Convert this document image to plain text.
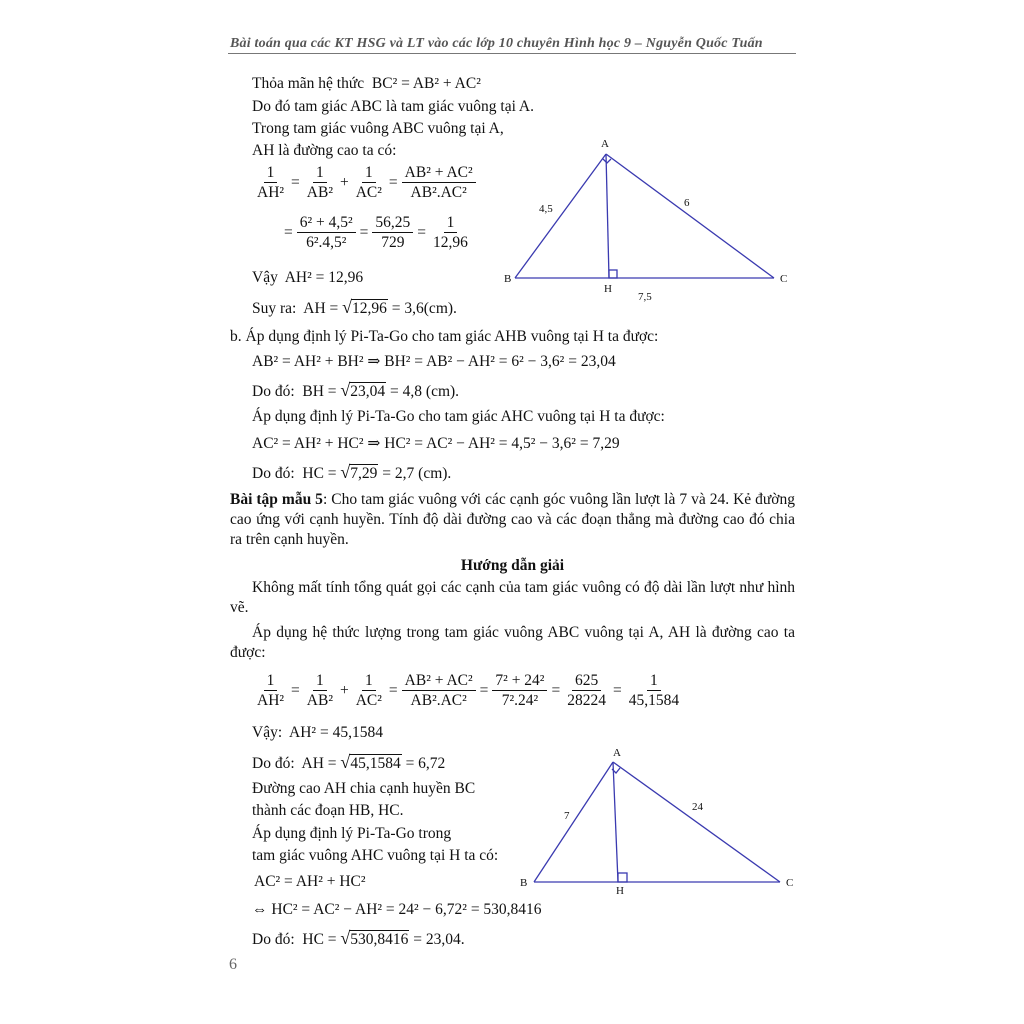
Bài toán qua các KT HSG và LT vào các lớp 10 chuyên Hình học 9 – Nguyễn Quốc Tuấn
Thỏa mãn hệ thức BC² = AB² + AC²
Do đó tam giác ABC là tam giác vuông tại A.
Trong tam giác vuông ABC vuông tại A,
AH là đường cao ta có:
$\frac{1}{\text{AH²}} = \frac{1}{\text{AB²}} + \frac{1}{\text{AC²}} = \frac{\text{AB² + AC²}}{\text{AB².AC²}}$
= $\frac{\text{6² + 4,5²}}{\text{6².4,5²}} = \frac{56,25}{729} = \frac{1}{12,96}$
Vậy AH² = 12,96
Suy ra: AH = √12,96 = 3,6(cm).
A
B	C
H
4,5	6
7,5
b. Áp dụng định lý Pi-Ta-Go cho tam giác AHB vuông tại H ta được:
AB² = AH² + BH² ⇒ BH² = AB² − AH² = 6² − 3,6² = 23,04
Do đó: BH = √23,04 = 4,8 (cm).
Áp dụng định lý Pi-Ta-Go cho tam giác AHC vuông tại H ta được:
AC² = AH² + HC² ⇒ HC² = AC² − AH² = 4,5² − 3,6² = 7,29
Do đó: HC = √7,29 = 2,7 (cm).
Bài tập mẫu 5: Cho tam giác vuông với các cạnh góc vuông lần lượt là 7 và 24. Kẻ đường cao ứng với cạnh huyền. Tính độ dài đường cao và các đoạn thẳng mà đường cao đó chia ra trên cạnh huyền.
Hướng dẫn giải
Không mất tính tổng quát gọi các cạnh của tam giác vuông có độ dài lần lượt như hình vẽ.
Áp dụng hệ thức lượng trong tam giác vuông ABC vuông tại A, AH là đường cao ta được:
$\frac{1}{\text{AH²}} = \frac{1}{\text{AB²}} + \frac{1}{\text{AC²}} = \frac{\text{AB² + AC²}}{\text{AB².AC²}} = \frac{\text{7² + 24²}}{\text{7².24²}} = \frac{625}{28224} = \frac{1}{45,1584}$
Vậy: AH² = 45,1584
Do đó: AH = √45,1584 = 6,72
Đường cao AH chia cạnh huyền BC
thành các đoạn HB, HC.
Áp dụng định lý Pi-Ta-Go trong
tam giác vuông AHC vuông tại H ta có:
AC² = AH² + HC²
⇔ HC² = AC² − AH² = 24² − 6,72² = 530,8416
Do đó: HC = √530,8416 = 23,04.
A
B	C
H
7
24
6
